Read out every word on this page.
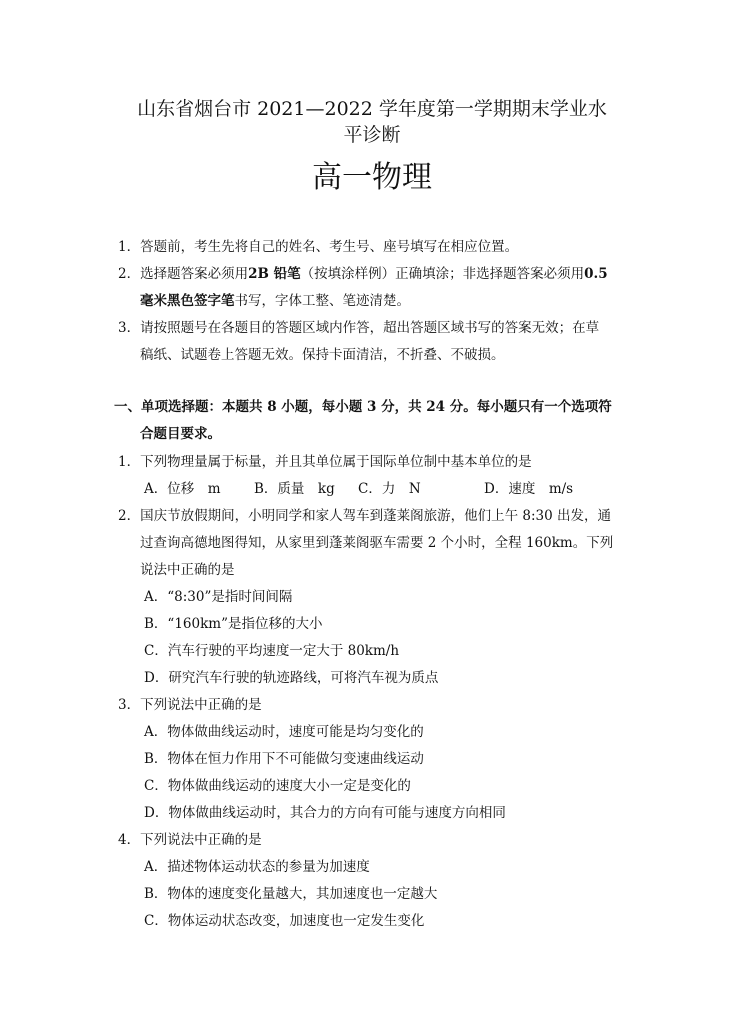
山东省烟台市 2021—2022 学年度第一学期期末学业水
平诊断
高一物理
1．答题前，考生先将自己的姓名、考生号、座号填写在相应位置。
2．选择题答案必须用2B 铅笔（按填涂样例）正确填涂；非选择题答案必须用0.5
毫米黑色签字笔书写，字体工整、笔迹清楚。
3．请按照题号在各题目的答题区域内作答，超出答题区域书写的答案无效；在草
稿纸、试题卷上答题无效。保持卡面清洁，不折叠、不破损。
一、单项选择题：本题共 8 小题，每小题 3 分，共 24 分。每小题只有一个选项符
合题目要求。
1．下列物理量属于标量，并且其单位属于国际单位制中基本单位的是
A．位移　m B．质量　kg C．力　N	D．速度　m/s
2．国庆节放假期间，小明同学和家人驾车到蓬莱阁旅游，他们上午 8:30 出发，通
过查询高德地图得知，从家里到蓬莱阁驱车需要 2 个小时，全程 160km。下列
说法中正确的是
A．“8:30”是指时间间隔
B．“160km”是指位移的大小
C．汽车行驶的平均速度一定大于 80km/h
D．研究汽车行驶的轨迹路线，可将汽车视为质点
3．下列说法中正确的是
A．物体做曲线运动时，速度可能是均匀变化的
B．物体在恒力作用下不可能做匀变速曲线运动
C．物体做曲线运动的速度大小一定是变化的
D．物体做曲线运动时，其合力的方向有可能与速度方向相同
4．下列说法中正确的是
A．描述物体运动状态的参量为加速度
B．物体的速度变化量越大，其加速度也一定越大
C．物体运动状态改变，加速度也一定发生变化
